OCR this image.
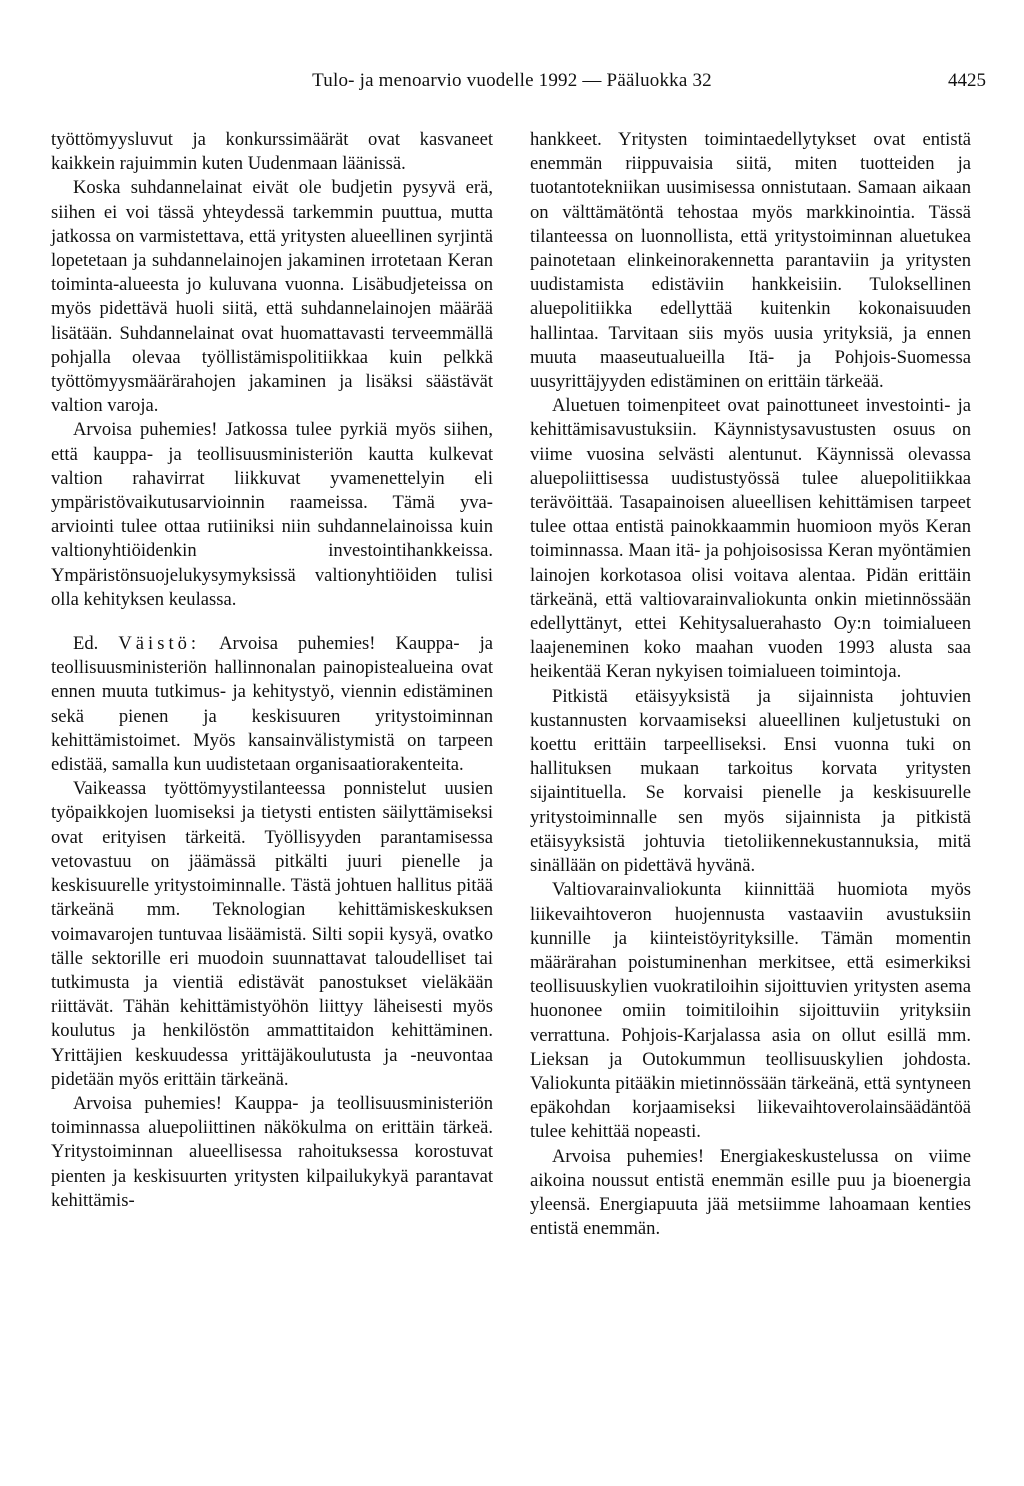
Tulo- ja menoarvio vuodelle 1992 — Pääluokka 32	4425

työttömyysluvut ja konkurssimäärät ovat kasvaneet kaikkein rajuimmin kuten Uudenmaan läänissä.

Koska suhdannelainat eivät ole budjetin pysyvä erä, siihen ei voi tässä yhteydessä tarkemmin puuttua, mutta jatkossa on varmistettava, että yritysten alueellinen syrjintä lopetetaan ja suhdannelainojen jakaminen irrotetaan Keran toiminta-alueesta jo kuluvana vuonna. Lisäbudjeteissa on myös pidettävä huoli siitä, että suhdannelainojen määrää lisätään. Suhdannelainat ovat huomattavasti terveemmällä pohjalla olevaa työllistämispolitiikkaa kuin pelkkä työttömyysmäärärahojen jakaminen ja lisäksi säästävät valtion varoja.

Arvoisa puhemies! Jatkossa tulee pyrkiä myös siihen, että kauppa- ja teollisuusministeriön kautta kulkevat valtion rahavirrat liikkuvat yvamenettelyin eli ympäristövaikutusarvioinnin raameissa. Tämä yva-arviointi tulee ottaa rutiiniksi niin suhdannelainoissa kuin valtionyhtiöidenkin investointihankkeissa. Ympäristönsuojelukysymyksissä valtionyhtiöiden tulisi olla kehityksen keulassa.

Ed. Väistö: Arvoisa puhemies! Kauppa- ja teollisuusministeriön hallinnonalan painopistealueina ovat ennen muuta tutkimus- ja kehitystyö, viennin edistäminen sekä pienen ja keskisuuren yritystoiminnan kehittämistoimet. Myös kansainvälistymistä on tarpeen edistää, samalla kun uudistetaan organisaatiorakenteita.

Vaikeassa työttömyystilanteessa ponnistelut uusien työpaikkojen luomiseksi ja tietysti entisten säilyttämiseksi ovat erityisen tärkeitä. Työllisyyden parantamisessa vetovastuu on jäämässä pitkälti juuri pienelle ja keskisuurelle yritystoiminnalle. Tästä johtuen hallitus pitää tärkeänä mm. Teknologian kehittämiskeskuksen voimavarojen tuntuvaa lisäämistä. Silti sopii kysyä, ovatko tälle sektorille eri muodoin suunnattavat taloudelliset tai tutkimusta ja vientiä edistävät panostukset vieläkään riittävät. Tähän kehittämistyöhön liittyy läheisesti myös koulutus ja henkilöstön ammattitaidon kehittäminen. Yrittäjien keskuudessa yrittäjäkoulutusta ja -neuvontaa pidetään myös erittäin tärkeänä.

Arvoisa puhemies! Kauppa- ja teollisuusministeriön toiminnassa aluepoliittinen näkökulma on erittäin tärkeä. Yritystoiminnan alueellisessa rahoituksessa korostuvat pienten ja keskisuurten yritysten kilpailukykyä parantavat kehittämis-

hankkeet. Yritysten toimintaedellytykset ovat entistä enemmän riippuvaisia siitä, miten tuotteiden ja tuotantotekniikan uusimisessa onnistutaan. Samaan aikaan on välttämätöntä tehostaa myös markkinointia. Tässä tilanteessa on luonnollista, että yritystoiminnan aluetukea painotetaan elinkeinorakennetta parantaviin ja yritysten uudistamista edistäviin hankkeisiin. Tuloksellinen aluepolitiikka edellyttää kuitenkin kokonaisuuden hallintaa. Tarvitaan siis myös uusia yrityksiä, ja ennen muuta maaseutualueilla Itä- ja Pohjois-Suomessa uusyrittäjyyden edistäminen on erittäin tärkeää.

Aluetuen toimenpiteet ovat painottuneet investointi- ja kehittämisavustuksiin. Käynnistysavustusten osuus on viime vuosina selvästi alentunut. Käynnissä olevassa aluepoliittisessa uudistustyössä tulee aluepolitiikkaa terävöittää. Tasapainoisen alueellisen kehittämisen tarpeet tulee ottaa entistä painokkaammin huomioon myös Keran toiminnassa. Maan itä- ja pohjoisosissa Keran myöntämien lainojen korkotasoa olisi voitava alentaa. Pidän erittäin tärkeänä, että valtiovarainvaliokunta onkin mietinnössään edellyttänyt, ettei Kehitysaluerahasto Oy:n toimialueen laajeneminen koko maahan vuoden 1993 alusta saa heikentää Keran nykyisen toimialueen toimintoja.

Pitkistä etäisyyksistä ja sijainnista johtuvien kustannusten korvaamiseksi alueellinen kuljetustuki on koettu erittäin tarpeelliseksi. Ensi vuonna tuki on hallituksen mukaan tarkoitus korvata yritysten sijaintituella. Se korvaisi pienelle ja keskisuurelle yritystoiminnalle sen myös sijainnista ja pitkistä etäisyyksistä johtuvia tietoliikennekustannuksia, mitä sinällään on pidettävä hyvänä.

Valtiovarainvaliokunta kiinnittää huomiota myös liikevaihtoveron huojennusta vastaaviin avustuksiin kunnille ja kiinteistöyrityksille. Tämän momentin määrärahan poistuminenhan merkitsee, että esimerkiksi teollisuuskylien vuokratiloihin sijoittuvien yritysten asema huononee omiin toimitiloihin sijoittuviin yrityksiin verrattuna. Pohjois-Karjalassa asia on ollut esillä mm. Lieksan ja Outokummun teollisuuskylien johdosta. Valiokunta pitääkin mietinnössään tärkeänä, että syntyneen epäkohdan korjaamiseksi liikevaihtoverolainsäädäntöä tulee kehittää nopeasti.

Arvoisa puhemies! Energiakeskustelussa on viime aikoina noussut entistä enemmän esille puu ja bioenergia yleensä. Energiapuuta jää metsiimme lahoamaan kenties entistä enemmän.
